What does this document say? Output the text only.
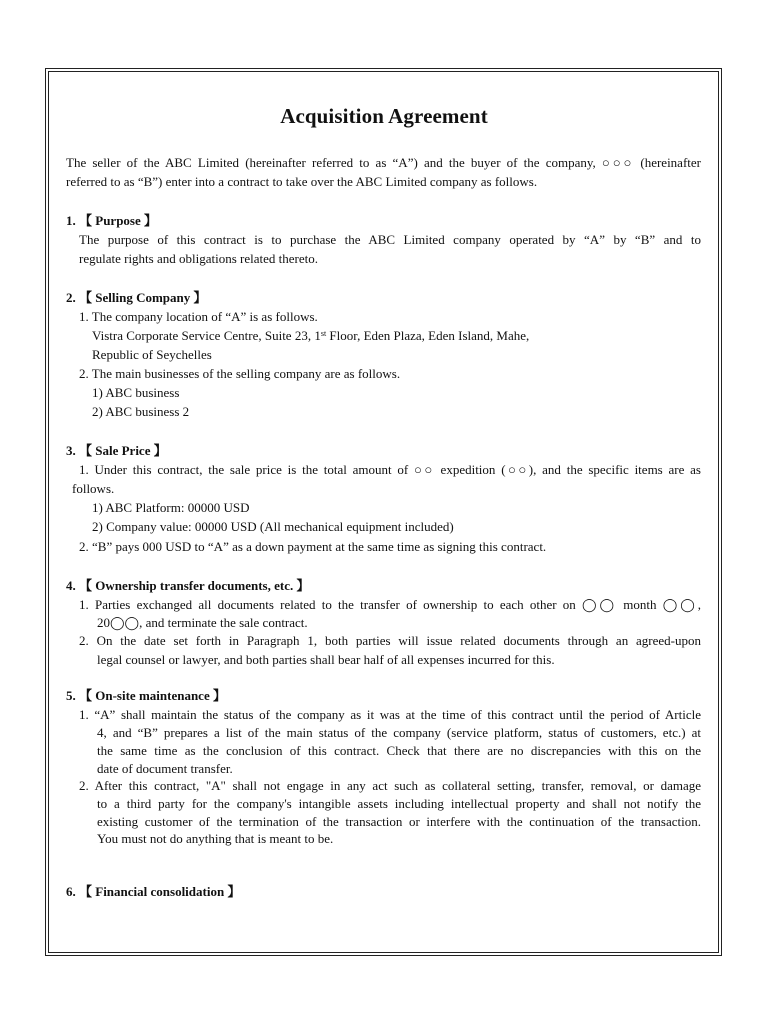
Acquisition Agreement
The seller of the ABC Limited (hereinafter referred to as “A”) and the buyer of the company, ○○○ (hereinafter
referred to as “B”) enter into a contract to take over the ABC Limited company as follows.
1. 【 Purpose 】
The purpose of this contract is to purchase the ABC Limited company operated by “A” by “B” and to
regulate rights and obligations related thereto.
2. 【 Selling Company 】
1. The company location of “A” is as follows.
Vistra Corporate Service Centre, Suite 23, 1st Floor, Eden Plaza, Eden Island, Mahe,
Republic of Seychelles
2. The main businesses of the selling company are as follows.
1) ABC business
2) ABC business 2
3. 【 Sale Price 】
1. Under this contract, the sale price is the total amount of ○○ expedition (○○), and the specific items are as
follows.
1) ABC Platform: 00000 USD
2) Company value: 00000 USD (All mechanical equipment included)
2. “B” pays 000 USD to “A” as a down payment at the same time as signing this contract.
4. 【 Ownership transfer documents, etc. 】
1. Parties exchanged all documents related to the transfer of ownership to each other on ◯◯ month ◯◯,
20◯◯, and terminate the sale contract.
2. On the date set forth in Paragraph 1, both parties will issue related documents through an agreed-upon
legal counsel or lawyer, and both parties shall bear half of all expenses incurred for this.
5. 【 On-site maintenance 】
1. “A” shall maintain the status of the company as it was at the time of this contract until the period of Article
4, and “B” prepares a list of the main status of the company (service platform, status of customers, etc.) at
the same time as the conclusion of this contract. Check that there are no discrepancies with this on the
date of document transfer.
2. After this contract, "A" shall not engage in any act such as collateral setting, transfer, removal, or damage
to a third party for the company's intangible assets including intellectual property and shall not notify the
existing customer of the termination of the transaction or interfere with the continuation of the transaction.
You must not do anything that is meant to be.
6. 【 Financial consolidation 】
